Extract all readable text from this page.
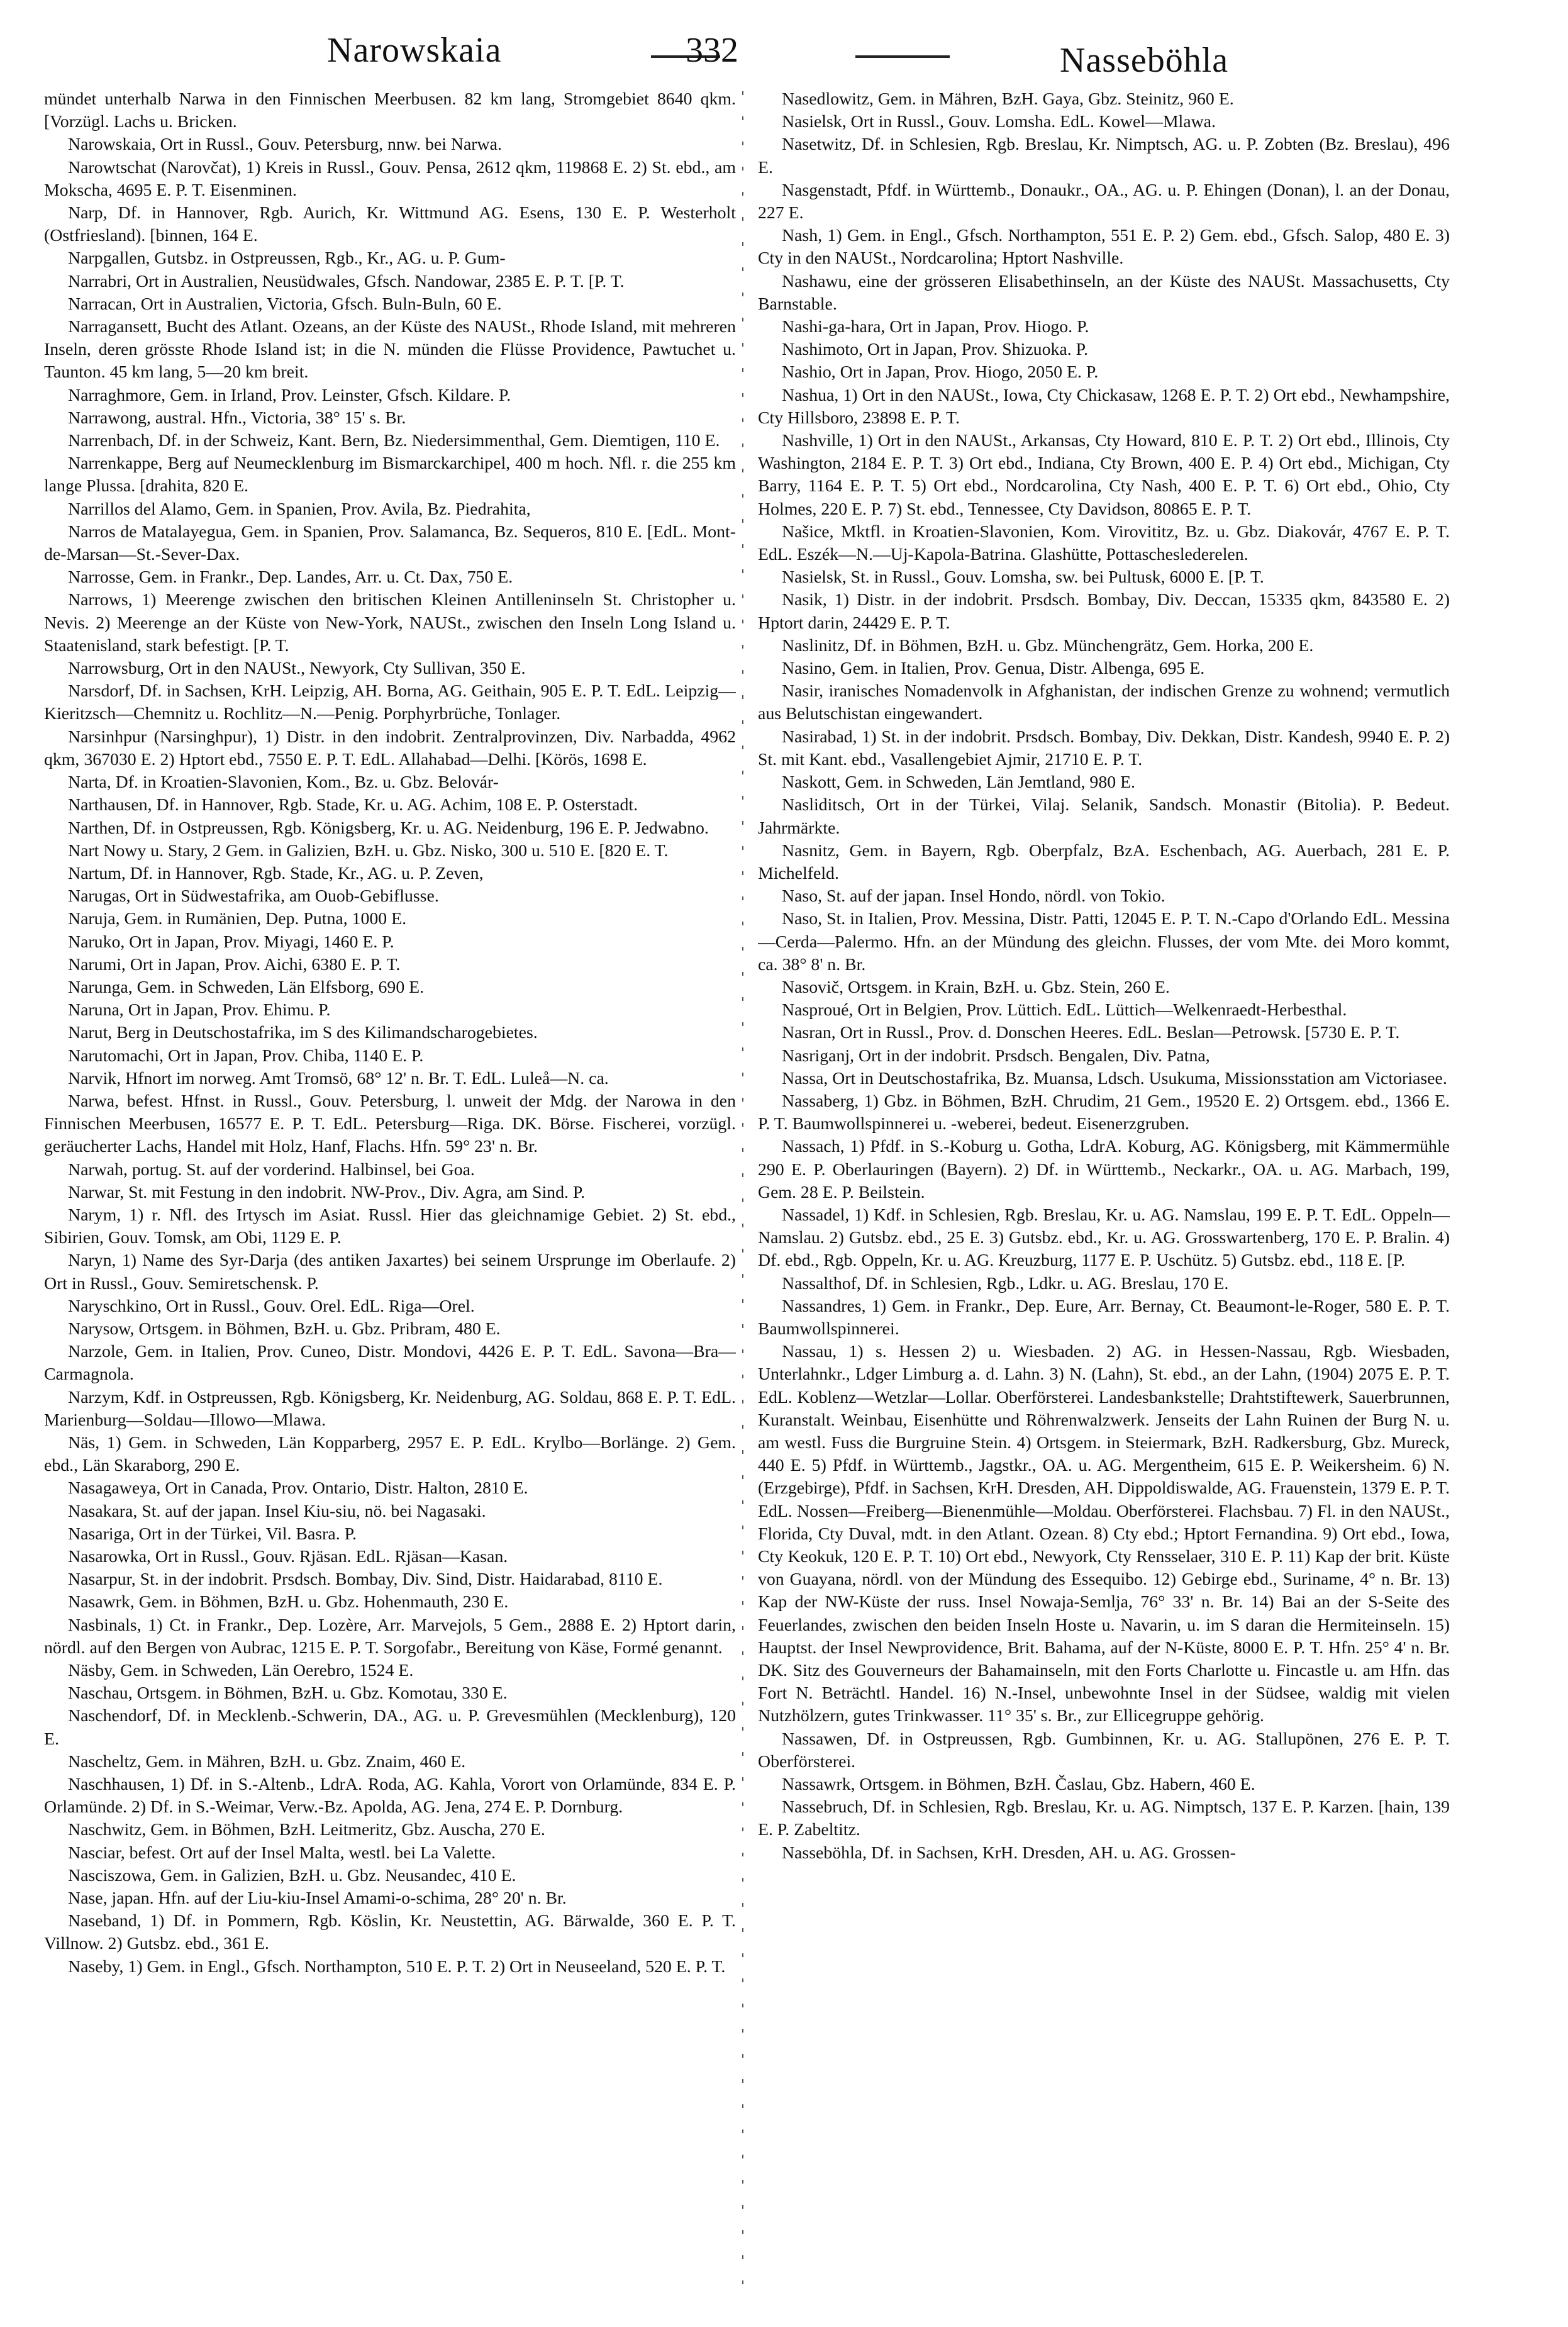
Narowskaia	332	Nasseböhla

mündet unterhalb Narwa in den Finnischen Meerbusen. 82 km lang, Stromgebiet 8640 qkm. [Vorzügl. Lachs u. Bricken.

Narowskaia, Ort in Russl., Gouv. Petersburg, nnw. bei Narwa.

Narowtschat (Narovčat), 1) Kreis in Russl., Gouv. Pensa, 2612 qkm, 119868 E. 2) St. ebd., am Mokscha, 4695 E. P. T. Eisenminen.

Narp, Df. in Hannover, Rgb. Aurich, Kr. Wittmund AG. Esens, 130 E. P. Westerholt (Ostfriesland). [binnen, 164 E.

Narpgallen, Gutsbz. in Ostpreussen, Rgb., Kr., AG. u. P. Gum-

Narrabri, Ort in Australien, Neusüdwales, Gfsch. Nandowar, 2385 E. P. T. [P. T.

Narracan, Ort in Australien, Victoria, Gfsch. Buln-Buln, 60 E.

Narragansett, Bucht des Atlant. Ozeans, an der Küste des NAUSt., Rhode Island, mit mehreren Inseln, deren grösste Rhode Island ist; in die N. münden die Flüsse Providence, Pawtuchet u. Taunton. 45 km lang, 5—20 km breit.

Narraghmore, Gem. in Irland, Prov. Leinster, Gfsch. Kildare. P.

Narrawong, austral. Hfn., Victoria, 38° 15' s. Br.

Narrenbach, Df. in der Schweiz, Kant. Bern, Bz. Niedersimmenthal, Gem. Diemtigen, 110 E.

Narrenkappe, Berg auf Neumecklenburg im Bismarckarchipel, 400 m hoch. Nfl. r. die 255 km lange Plussa. [drahita, 820 E.

Narrillos del Alamo, Gem. in Spanien, Prov. Avila, Bz. Piedrahita,

Narros de Matalayegua, Gem. in Spanien, Prov. Salamanca, Bz. Sequeros, 810 E. [EdL. Mont-de-Marsan—St.-Sever-Dax.

Narrosse, Gem. in Frankr., Dep. Landes, Arr. u. Ct. Dax, 750 E.

Narrows, 1) Meerenge zwischen den britischen Kleinen Antilleninseln St. Christopher u. Nevis. 2) Meerenge an der Küste von New-York, NAUSt., zwischen den Inseln Long Island u. Staatenisland, stark befestigt. [P. T.

Narrowsburg, Ort in den NAUSt., Newyork, Cty Sullivan, 350 E.

Narsdorf, Df. in Sachsen, KrH. Leipzig, AH. Borna, AG. Geithain, 905 E. P. T. EdL. Leipzig—Kieritzsch—Chemnitz u. Rochlitz—N.—Penig. Porphyrbrüche, Tonlager.

Narsinhpur (Narsinghpur), 1) Distr. in den indobrit. Zentralprovinzen, Div. Narbadda, 4962 qkm, 367030 E. 2) Hptort ebd., 7550 E. P. T. EdL. Allahabad—Delhi. [Körös, 1698 E.

Narta, Df. in Kroatien-Slavonien, Kom., Bz. u. Gbz. Belovár-

Narthausen, Df. in Hannover, Rgb. Stade, Kr. u. AG. Achim, 108 E. P. Osterstadt.

Narthen, Df. in Ostpreussen, Rgb. Königsberg, Kr. u. AG. Neidenburg, 196 E. P. Jedwabno.

Nart Nowy u. Stary, 2 Gem. in Galizien, BzH. u. Gbz. Nisko, 300 u. 510 E. [820 E. T.

Nartum, Df. in Hannover, Rgb. Stade, Kr., AG. u. P. Zeven,

Narugas, Ort in Südwestafrika, am Ouob-Gebiflusse.

Naruja, Gem. in Rumänien, Dep. Putna, 1000 E.

Naruko, Ort in Japan, Prov. Miyagi, 1460 E. P.

Narumi, Ort in Japan, Prov. Aichi, 6380 E. P. T.

Narunga, Gem. in Schweden, Län Elfsborg, 690 E.

Naruna, Ort in Japan, Prov. Ehimu. P.

Narut, Berg in Deutschostafrika, im S des Kilimandscharogebietes.

Narutomachi, Ort in Japan, Prov. Chiba, 1140 E. P.

Narvik, Hfnort im norweg. Amt Tromsö, 68° 12' n. Br. T. EdL. Luleå—N. ca.

Narwa, befest. Hfnst. in Russl., Gouv. Petersburg, l. unweit der Mdg. der Narowa in den Finnischen Meerbusen, 16577 E. P. T. EdL. Petersburg—Riga. DK. Börse. Fischerei, vorzügl. geräucherter Lachs, Handel mit Holz, Hanf, Flachs. Hfn. 59° 23' n. Br.

Narwah, portug. St. auf der vorderind. Halbinsel, bei Goa.

Narwar, St. mit Festung in den indobrit. NW-Prov., Div. Agra, am Sind. P.

Narym, 1) r. Nfl. des Irtysch im Asiat. Russl. Hier das gleichnamige Gebiet. 2) St. ebd., Sibirien, Gouv. Tomsk, am Obi, 1129 E. P.

Naryn, 1) Name des Syr-Darja (des antiken Jaxartes) bei seinem Ursprunge im Oberlaufe. 2) Ort in Russl., Gouv. Semiretschensk. P.

Naryschkino, Ort in Russl., Gouv. Orel. EdL. Riga—Orel.

Narysow, Ortsgem. in Böhmen, BzH. u. Gbz. Pribram, 480 E.

Narzole, Gem. in Italien, Prov. Cuneo, Distr. Mondovi, 4426 E. P. T. EdL. Savona—Bra—Carmagnola.

Narzym, Kdf. in Ostpreussen, Rgb. Königsberg, Kr. Neidenburg, AG. Soldau, 868 E. P. T. EdL. Marienburg—Soldau—Illowo—Mlawa.

Näs, 1) Gem. in Schweden, Län Kopparberg, 2957 E. P. EdL. Krylbo—Borlänge. 2) Gem. ebd., Län Skaraborg, 290 E.

Nasagaweya, Ort in Canada, Prov. Ontario, Distr. Halton, 2810 E.

Nasakara, St. auf der japan. Insel Kiu-siu, nö. bei Nagasaki.

Nasariga, Ort in der Türkei, Vil. Basra. P.

Nasarowka, Ort in Russl., Gouv. Rjäsan. EdL. Rjäsan—Kasan.

Nasarpur, St. in der indobrit. Prsdsch. Bombay, Div. Sind, Distr. Haidarabad, 8110 E.

Nasawrk, Gem. in Böhmen, BzH. u. Gbz. Hohenmauth, 230 E.

Nasbinals, 1) Ct. in Frankr., Dep. Lozère, Arr. Marvejols, 5 Gem., 2888 E. 2) Hptort darin, nördl. auf den Bergen von Aubrac, 1215 E. P. T. Sorgofabr., Bereitung von Käse, Formé genannt.

Näsby, Gem. in Schweden, Län Oerebro, 1524 E.

Naschau, Ortsgem. in Böhmen, BzH. u. Gbz. Komotau, 330 E.

Naschendorf, Df. in Mecklenb.-Schwerin, DA., AG. u. P. Grevesmühlen (Mecklenburg), 120 E.

Nascheltz, Gem. in Mähren, BzH. u. Gbz. Znaim, 460 E.

Naschhausen, 1) Df. in S.-Altenb., LdrA. Roda, AG. Kahla, Vorort von Orlamünde, 834 E. P. Orlamünde. 2) Df. in S.-Weimar, Verw.-Bz. Apolda, AG. Jena, 274 E. P. Dornburg.

Naschwitz, Gem. in Böhmen, BzH. Leitmeritz, Gbz. Auscha, 270 E.

Nasciar, befest. Ort auf der Insel Malta, westl. bei La Valette.

Nasciszowa, Gem. in Galizien, BzH. u. Gbz. Neusandec, 410 E.

Nase, japan. Hfn. auf der Liu-kiu-Insel Amami-o-schima, 28° 20' n. Br.

Naseband, 1) Df. in Pommern, Rgb. Köslin, Kr. Neustettin, AG. Bärwalde, 360 E. P. T. Villnow. 2) Gutsbz. ebd., 361 E.

Naseby, 1) Gem. in Engl., Gfsch. Northampton, 510 E. P. T. 2) Ort in Neuseeland, 520 E. P. T.

Nasedlowitz, Gem. in Mähren, BzH. Gaya, Gbz. Steinitz, 960 E.

Nasielsk, Ort in Russl., Gouv. Lomsha. EdL. Kowel—Mlawa.

Nasetwitz, Df. in Schlesien, Rgb. Breslau, Kr. Nimptsch, AG. u. P. Zobten (Bz. Breslau), 496 E.

Nasgenstadt, Pfdf. in Württemb., Donaukr., OA., AG. u. P. Ehingen (Donan), l. an der Donau, 227 E.

Nash, 1) Gem. in Engl., Gfsch. Northampton, 551 E. P. 2) Gem. ebd., Gfsch. Salop, 480 E. 3) Cty in den NAUSt., Nordcarolina; Hptort Nashville.

Nashawu, eine der grösseren Elisabethinseln, an der Küste des NAUSt. Massachusetts, Cty Barnstable.

Nashi-ga-hara, Ort in Japan, Prov. Hiogo. P.

Nashimoto, Ort in Japan, Prov. Shizuoka. P.

Nashio, Ort in Japan, Prov. Hiogo, 2050 E. P.

Nashua, 1) Ort in den NAUSt., Iowa, Cty Chickasaw, 1268 E. P. T. 2) Ort ebd., Newhampshire, Cty Hillsboro, 23898 E. P. T.

Nashville, 1) Ort in den NAUSt., Arkansas, Cty Howard, 810 E. P. T. 2) Ort ebd., Illinois, Cty Washington, 2184 E. P. T. 3) Ort ebd., Indiana, Cty Brown, 400 E. P. 4) Ort ebd., Michigan, Cty Barry, 1164 E. P. T. 5) Ort ebd., Nordcarolina, Cty Nash, 400 E. P. T. 6) Ort ebd., Ohio, Cty Holmes, 220 E. P. 7) St. ebd., Tennessee, Cty Davidson, 80865 E. P. T.

Našice, Mktfl. in Kroatien-Slavonien, Kom. Virovititz, Bz. u. Gbz. Diakovár, 4767 E. P. T. EdL. Eszék—N.—Uj-Kapola-Batrina. Glashütte, Pottascheslederelen.

Nasielsk, St. in Russl., Gouv. Lomsha, sw. bei Pultusk, 6000 E. [P. T.

Nasik, 1) Distr. in der indobrit. Prsdsch. Bombay, Div. Deccan, 15335 qkm, 843580 E. 2) Hptort darin, 24429 E. P. T.

Naslinitz, Df. in Böhmen, BzH. u. Gbz. Münchengrätz, Gem. Horka, 200 E.

Nasino, Gem. in Italien, Prov. Genua, Distr. Albenga, 695 E.

Nasir, iranisches Nomadenvolk in Afghanistan, der indischen Grenze zu wohnend; vermutlich aus Belutschistan eingewandert.

Nasirabad, 1) St. in der indobrit. Prsdsch. Bombay, Div. Dekkan, Distr. Kandesh, 9940 E. P. 2) St. mit Kant. ebd., Vasallengebiet Ajmir, 21710 E. P. T.

Naskott, Gem. in Schweden, Län Jemtland, 980 E.

Nasliditsch, Ort in der Türkei, Vilaj. Selanik, Sandsch. Monastir (Bitolia). P. Bedeut. Jahrmärkte.

Nasnitz, Gem. in Bayern, Rgb. Oberpfalz, BzA. Eschenbach, AG. Auerbach, 281 E. P. Michelfeld.

Naso, St. auf der japan. Insel Hondo, nördl. von Tokio.

Naso, St. in Italien, Prov. Messina, Distr. Patti, 12045 E. P. T. N.-Capo d'Orlando EdL. Messina—Cerda—Palermo. Hfn. an der Mündung des gleichn. Flusses, der vom Mte. dei Moro kommt, ca. 38° 8' n. Br.

Nasovič, Ortsgem. in Krain, BzH. u. Gbz. Stein, 260 E.

Nasproué, Ort in Belgien, Prov. Lüttich. EdL. Lüttich—Welkenraedt-Herbesthal.

Nasran, Ort in Russl., Prov. d. Donschen Heeres. EdL. Beslan—Petrowsk. [5730 E. P. T.

Nasriganj, Ort in der indobrit. Prsdsch. Bengalen, Div. Patna,

Nassa, Ort in Deutschostafrika, Bz. Muansa, Ldsch. Usukuma, Missionsstation am Victoriasee.

Nassaberg, 1) Gbz. in Böhmen, BzH. Chrudim, 21 Gem., 19520 E. 2) Ortsgem. ebd., 1366 E. P. T. Baumwollspinnerei u. -weberei, bedeut. Eisenerzgruben.

Nassach, 1) Pfdf. in S.-Koburg u. Gotha, LdrA. Koburg, AG. Königsberg, mit Kämmermühle 290 E. P. Oberlauringen (Bayern). 2) Df. in Württemb., Neckarkr., OA. u. AG. Marbach, 199, Gem. 28 E. P. Beilstein.

Nassadel, 1) Kdf. in Schlesien, Rgb. Breslau, Kr. u. AG. Namslau, 199 E. P. T. EdL. Oppeln—Namslau. 2) Gutsbz. ebd., 25 E. 3) Gutsbz. ebd., Kr. u. AG. Grosswartenberg, 170 E. P. Bralin. 4) Df. ebd., Rgb. Oppeln, Kr. u. AG. Kreuzburg, 1177 E. P. Uschütz. 5) Gutsbz. ebd., 118 E. [P.

Nassalthof, Df. in Schlesien, Rgb., Ldkr. u. AG. Breslau, 170 E.

Nassandres, 1) Gem. in Frankr., Dep. Eure, Arr. Bernay, Ct. Beaumont-le-Roger, 580 E. P. T. Baumwollspinnerei.

Nassau, 1) s. Hessen 2) u. Wiesbaden. 2) AG. in Hessen-Nassau, Rgb. Wiesbaden, Unterlahnkr., Ldger Limburg a. d. Lahn. 3) N. (Lahn), St. ebd., an der Lahn, (1904) 2075 E. P. T. EdL. Koblenz—Wetzlar—Lollar. Oberförsterei. Landesbankstelle; Drahtstiftewerk, Sauerbrunnen, Kuranstalt. Weinbau, Eisenhütte und Röhrenwalzwerk. Jenseits der Lahn Ruinen der Burg N. u. am westl. Fuss die Burgruine Stein. 4) Ortsgem. in Steiermark, BzH. Radkersburg, Gbz. Mureck, 440 E. 5) Pfdf. in Württemb., Jagstkr., OA. u. AG. Mergentheim, 615 E. P. Weikersheim. 6) N. (Erzgebirge), Pfdf. in Sachsen, KrH. Dresden, AH. Dippoldiswalde, AG. Frauenstein, 1379 E. P. T. EdL. Nossen—Freiberg—Bienenmühle—Moldau. Oberförsterei. Flachsbau. 7) Fl. in den NAUSt., Florida, Cty Duval, mdt. in den Atlant. Ozean. 8) Cty ebd.; Hptort Fernandina. 9) Ort ebd., Iowa, Cty Keokuk, 120 E. P. T. 10) Ort ebd., Newyork, Cty Rensselaer, 310 E. P. 11) Kap der brit. Küste von Guayana, nördl. von der Mündung des Essequibo. 12) Gebirge ebd., Suriname, 4° n. Br. 13) Kap der NW-Küste der russ. Insel Nowaja-Semlja, 76° 33' n. Br. 14) Bai an der S-Seite des Feuerlandes, zwischen den beiden Inseln Hoste u. Navarin, u. im S daran die Hermiteinseln. 15) Hauptst. der Insel Newprovidence, Brit. Bahama, auf der N-Küste, 8000 E. P. T. Hfn. 25° 4' n. Br. DK. Sitz des Gouverneurs der Bahamainseln, mit den Forts Charlotte u. Fincastle u. am Hfn. das Fort N. Beträchtl. Handel. 16) N.-Insel, unbewohnte Insel in der Südsee, waldig mit vielen Nutzhölzern, gutes Trinkwasser. 11° 35' s. Br., zur Ellicegruppe gehörig.

Nassawen, Df. in Ostpreussen, Rgb. Gumbinnen, Kr. u. AG. Stallupönen, 276 E. P. T. Oberförsterei.

Nassawrk, Ortsgem. in Böhmen, BzH. Časlau, Gbz. Habern, 460 E.

Nassebruch, Df. in Schlesien, Rgb. Breslau, Kr. u. AG. Nimptsch, 137 E. P. Karzen. [hain, 139 E. P. Zabeltitz.

Nasseböhla, Df. in Sachsen, KrH. Dresden, AH. u. AG. Grossen-
